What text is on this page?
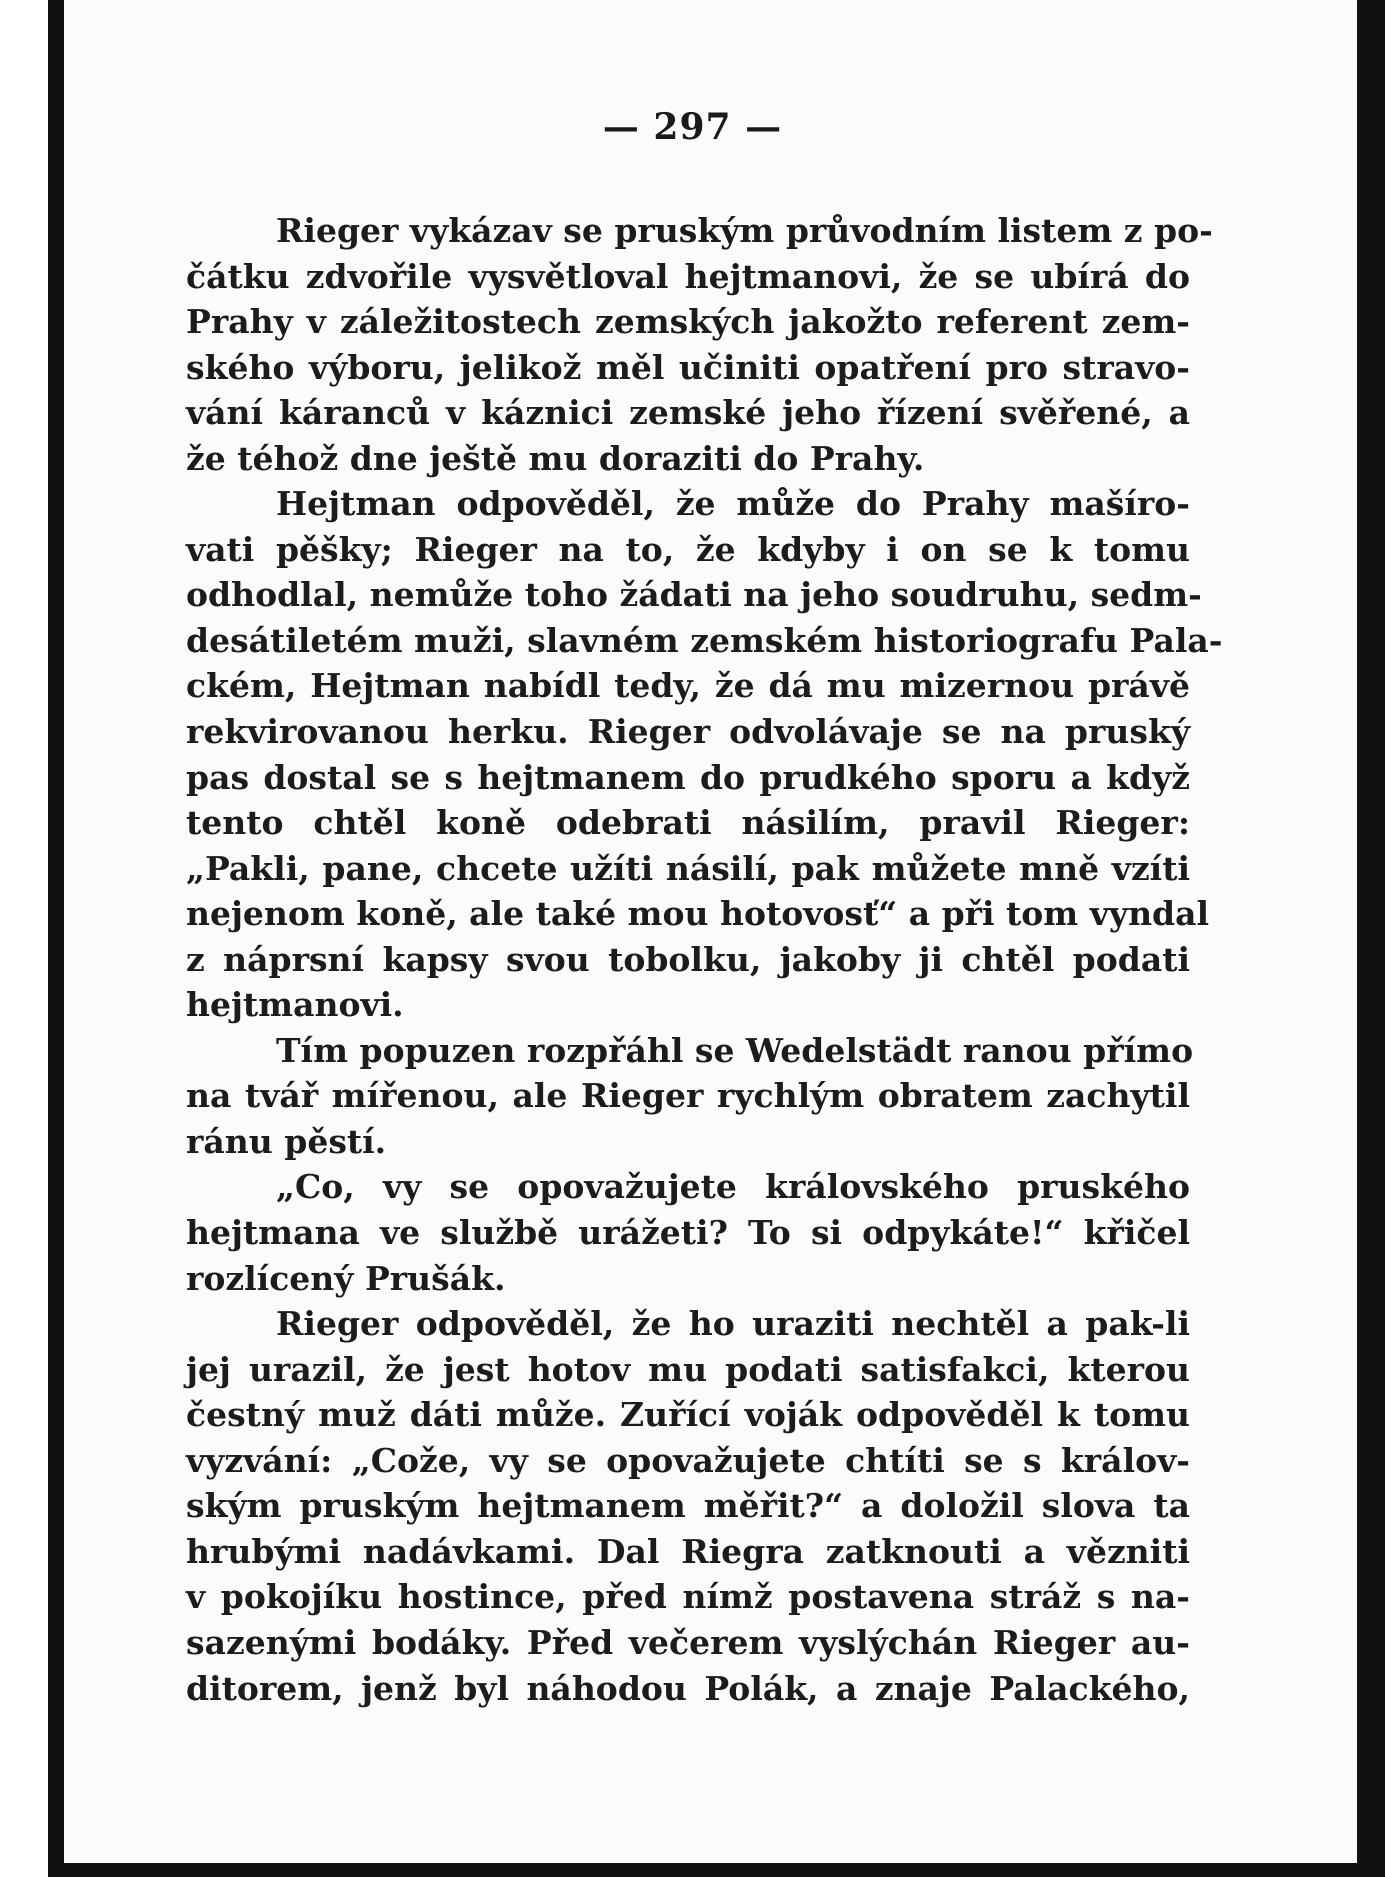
— 297 —
Rieger vykázav se pruským průvodním listem z po-
čátku zdvořile vysvětloval hejtmanovi, že se ubírá do
Prahy v záležitostech zemských jakožto referent zem-
ského výboru, jelikož měl učiniti opatření pro stravo-
vání káranců v káznici zemské jeho řízení svěřené, a
že téhož dne ještě mu doraziti do Prahy.
Hejtman odpověděl, že může do Prahy mašíro-
vati pěšky; Rieger na to, že kdyby i on se k tomu
odhodlal, nemůže toho žádati na jeho soudruhu, sedm-
desátiletém muži, slavném zemském historiografu Pala-
ckém, Hejtman nabídl tedy, že dá mu mizernou právě
rekvirovanou herku. Rieger odvolávaje se na pruský
pas dostal se s hejtmanem do prudkého sporu a když
tento chtěl koně odebrati násilím, pravil Rieger:
„Pakli, pane, chcete užíti násilí, pak můžete mně vzíti
nejenom koně, ale také mou hotovosť“ a při tom vyndal
z náprsní kapsy svou tobolku, jakoby ji chtěl podati
hejtmanovi.
Tím popuzen rozpřáhl se Wedelstädt ranou přímo
na tvář mířenou, ale Rieger rychlým obratem zachytil
ránu pěstí.
„Co, vy se opovažujete královského pruského
hejtmana ve službě urážeti? To si odpykáte!“ křičel
rozlícený Prušák.
Rieger odpověděl, že ho uraziti nechtěl a pak-li
jej urazil, že jest hotov mu podati satisfakci, kterou
čestný muž dáti může. Zuřící voják odpověděl k tomu
vyzvání: „Cože, vy se opovažujete chtíti se s králov-
ským pruským hejtmanem měřit?“ a doložil slova ta
hrubými nadávkami. Dal Riegra zatknouti a vězniti
v pokojíku hostince, před nímž postavena stráž s na-
sazenými bodáky. Před večerem vyslýchán Rieger au-
ditorem, jenž byl náhodou Polák, a znaje Palackého,
